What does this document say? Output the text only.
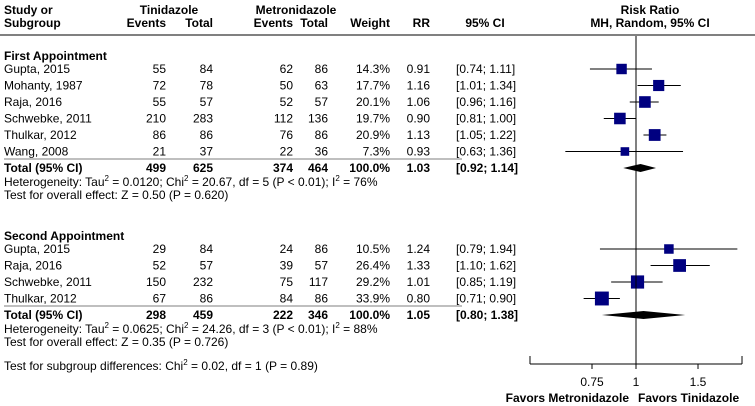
Study or
Subgroup
Tinidazole	Metronidazole
Events Total	Events Total Weight RR	95% CI
Risk Ratio
MH, Random, 95% CI
First Appointment
Gupta, 2015	55	84	62 86 14.3% 0.91 [0.74; 1.11]
Mohanty, 1987	72	78	50 63 17.7% 1.16 [1.01; 1.34]
Raja, 2016	55	57	52 57 20.1% 1.06 [0.96; 1.16]
Schwebke, 2011	210 283	112 136 19.7% 0.90 [0.81; 1.00]
Thulkar, 2012	86	86	76 86 20.9% 1.13 [1.05; 1.22]
Wang, 2008	21	37	22 36	7.3% 0.93 [0.63; 1.36]
Total (95% CI)	499 625	374 464 100.0% 1.03 [0.92; 1.14]
Heterogeneity: Tau$^2$ = 0.0120; Chi$^2$ = 20.67, df = 5 (P < 0.01); $I^2 = 76\%$
Test for overall effect: Z = 0.50 (P = 0.620)
Second Appointment
Gupta, 2015	29	84	24 86 10.5% 1.24 [0.79; 1.94]
Raja, 2016	52	57	39 57 26.4% 1.33 [1.10; 1.62]
Schwebke, 2011	150 232	75 117 29.2% 1.01 [0.85; 1.19]
Thulkar, 2012	67	86	84 86 33.9% 0.80 [0.71; 0.90]
Total (95% CI)	298 459	222 346 100.0% 1.05 [0.80; 1.38]
Heterogeneity: Tau$^2$ = 0.0625; Chi$^2$ = 24.26, df = 3 (P < 0.01); $I^2 = 88\%$
Test for overall effect: Z = 0.35 (P = 0.726)
Test for subgroup differences: Chi$^2$ = 0.02, df = 1 (P = 0.89)
0.75 1	1.5
Favors Metronidazole Favors Tinidazole
